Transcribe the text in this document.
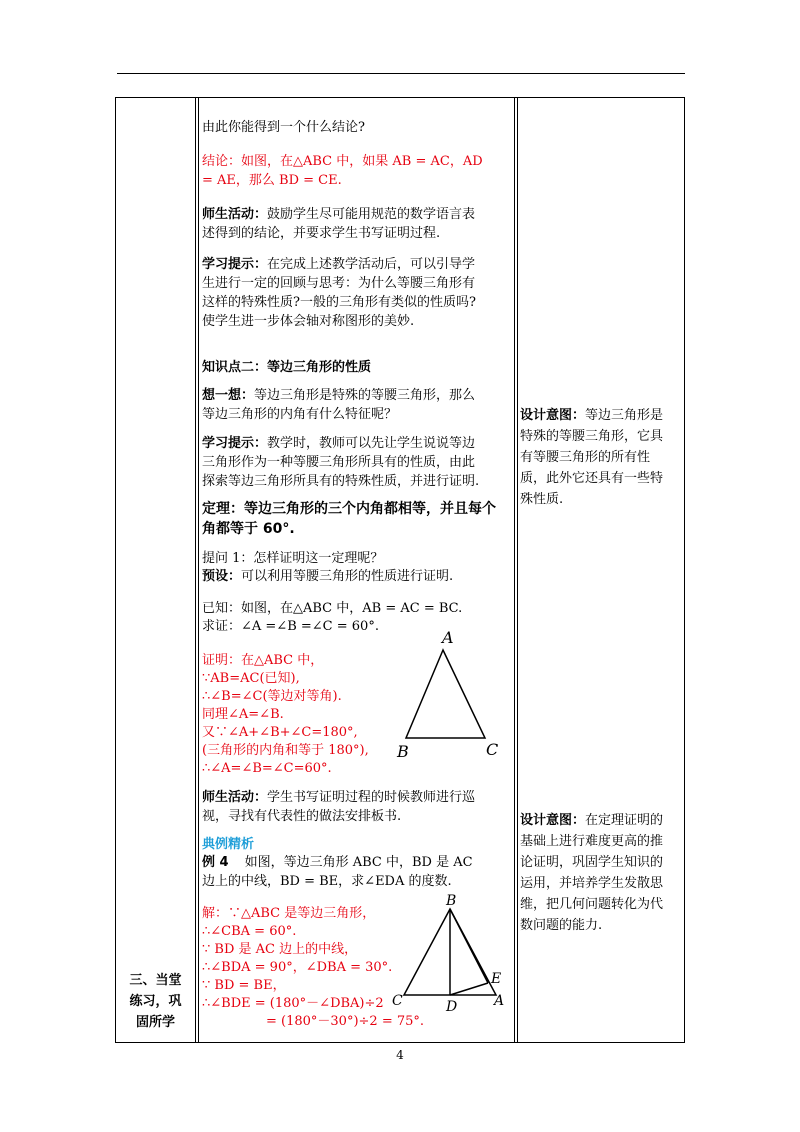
三、当堂
练习，巩
固所学
由此你能得到一个什么结论?
结论：如图，在△ABC 中，如果 AB = AC，AD
= AE，那么 BD = CE.
师生活动：鼓励学生尽可能用规范的数学语言表
述得到的结论，并要求学生书写证明过程.
学习提示：在完成上述教学活动后，可以引导学
生进行一定的回顾与思考：为什么等腰三角形有
这样的特殊性质?一般的三角形有类似的性质吗?
使学生进一步体会轴对称图形的美妙.
知识点二：等边三角形的性质
想一想：等边三角形是特殊的等腰三角形，那么
等边三角形的内角有什么特征呢？
学习提示：教学时，教师可以先让学生说说等边
三角形作为一种等腰三角形所具有的性质，由此
探索等边三角形所具有的特殊性质，并进行证明.
定理：等边三角形的三个内角都相等，并且每个
角都等于 60°.
提问 1：怎样证明这一定理呢？
预设：可以利用等腰三角形的性质进行证明.
已知：如图，在△ABC 中，AB = AC = BC.
求证：∠A =∠B =∠C = 60°.
证明：在△ABC 中，
∵AB=AC(已知),
∴∠B=∠C(等边对等角).
同理∠A=∠B.
又∵∠A+∠B+∠C=180°,
(三角形的内角和等于 180°),
∴∠A=∠B=∠C=60°.
A
B	C
师生活动：学生书写证明过程的时候教师进行巡
视，寻找有代表性的做法安排板书.
典例精析
例 4 如图，等边三角形 ABC 中，BD 是 AC
边上的中线，BD = BE，求∠EDA 的度数.
解：∵△ABC 是等边三角形，
∴∠CBA = 60°.
∵ BD 是 AC 边上的中线，
∴∠BDA = 90°，∠DBA = 30°.
∵ BD = BE，
∴∠BDE = (180°－∠DBA)÷2
= (180°－30°)÷2 = 75°.
B
C	D
E
A
设计意图：等边三角形是
特殊的等腰三角形，它具
有等腰三角形的所有性
质，此外它还具有一些特
殊性质.
设计意图：在定理证明的
基础上进行难度更高的推
论证明，巩固学生知识的
运用，并培养学生发散思
维，把几何问题转化为代
数问题的能力.
4
